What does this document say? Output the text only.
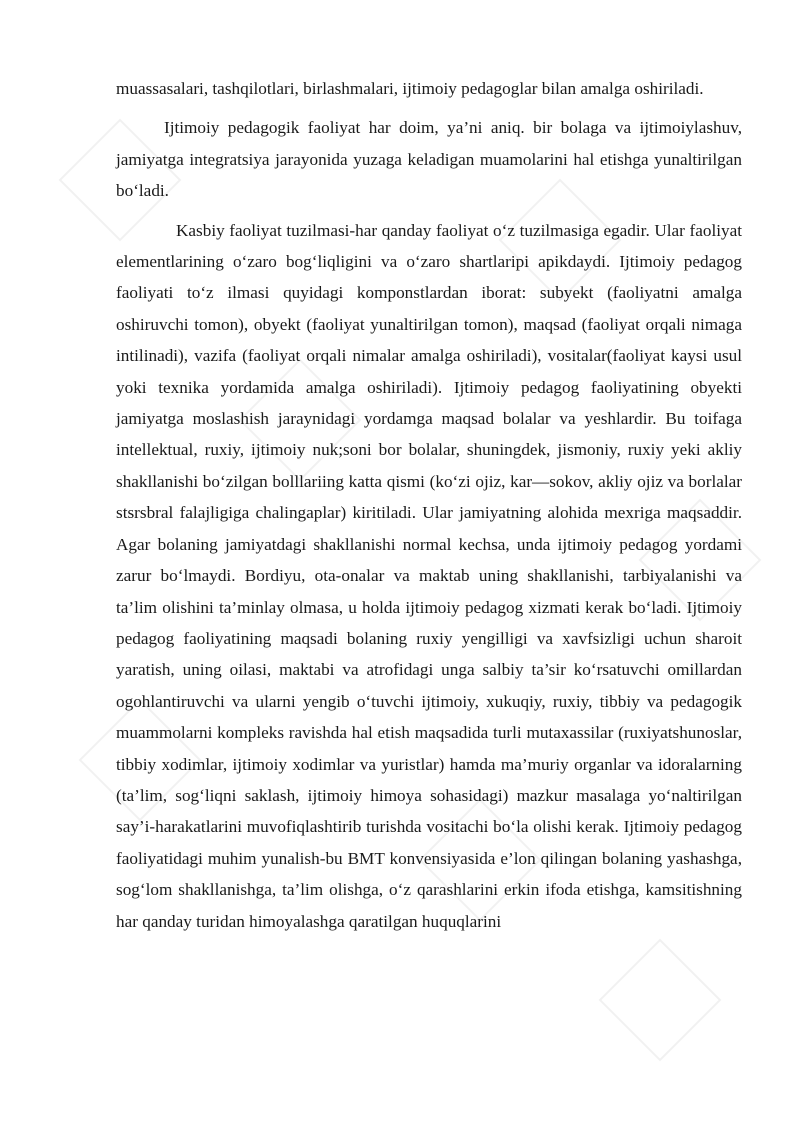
muassasalari, tashqilotlari, birlashmalari, ijtimoiy pedagoglar bilan amalga oshiriladi.

Ijtimoiy pedagogik faoliyat har doim, ya’ni aniq. bir bolaga va ijtimoiylashuv, jamiyatga integratsiya jarayonida yuzaga keladigan muamolarini hal etishga yunaltirilgan bo‘ladi.

Kasbiy faoliyat tuzilmasi-har qanday faoliyat o‘z tuzilmasiga egadir. Ular faoliyat elementlarining o‘zaro bog‘liqligini va o‘zaro shartlaripi apikdaydi. Ijtimoiy pedagog faoliyati to‘z ilmasi quyidagi komponstlardan iborat: subyekt (faoliyatni amalga oshiruvchi tomon), obyekt (faoliyat yunaltirilgan tomon), maqsad (faoliyat orqali nimaga intilinadi), vazifa (faoliyat orqali nimalar amalga oshiriladi), vositalar(faoliyat kaysi usul yoki texnika yordamida amalga oshiriladi). Ijtimoiy pedagog faoliyatining obyekti jamiyatga moslashish jaraynidagi yordamga maqsad bolalar va yeshlardir. Bu toifaga intellektual, ruxiy, ijtimoiy nuk;soni bor bolalar, shuningdek, jismoniy, ruxiy yeki akliy shakllanishi bo‘zilgan bolllariing katta qismi (ko‘zi ojiz, kar—sokov, akliy ojiz va borlalar stsrsbral falajligiga chalingaplar) kiritiladi. Ular jamiyatning alohida mexriga maqsaddir. Agar bolaning jamiyatdagi shakllanishi normal kechsa, unda ijtimoiy pedagog yordami zarur bo‘lmaydi. Bordiyu, ota-onalar va maktab uning shakllanishi, tarbiyalanishi va ta’lim olishini ta’minlay olmasa, u holda ijtimoiy pedagog xizmati kerak bo‘ladi. Ijtimoiy pedagog faoliyatining maqsadi bolaning ruxiy yengilligi va xavfsizligi uchun sharoit yaratish, uning oilasi, maktabi va atrofidagi unga salbiy ta’sir ko‘rsatuvchi omillardan ogohlantiruvchi va ularni yengib o‘tuvchi ijtimoiy, xukuqiy, ruxiy, tibbiy va pedagogik muammolarni kompleks ravishda hal etish maqsadida turli mutaxassilar (ruxiyatshunoslar, tibbiy xodimlar, ijtimoiy xodimlar va yuristlar) hamda ma’muriy organlar va idoralarning (ta’lim, sog‘liqni saklash, ijtimoiy himoya sohasidagi) mazkur masalaga yo‘naltirilgan say’i-harakatlarini muvofiqlashtirib turishda vositachi bo‘la olishi kerak. Ijtimoiy pedagog faoliyatidagi muhim yunalish-bu BMT konvensiyasida e’lon qilingan bolaning yashashga, sog‘lom shakllanishga, ta’lim olishga, o‘z qarashlarini erkin ifoda etishga, kamsitishning har qanday turidan himoyalashga qaratilgan huquqlarini
